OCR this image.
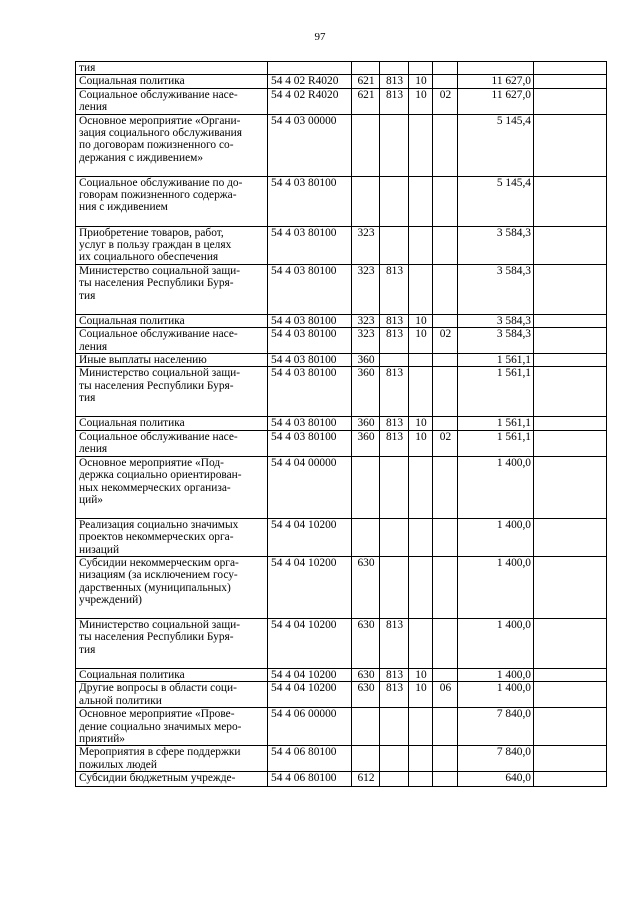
97
тия							
Социальная политика	54 4 02 R4020	621	813	10		11 627,0	
Социальное обслуживание насе-
ления	54 4 02 R4020	621	813	10	02	11 627,0	
Основное мероприятие «Органи-
зация социального обслуживания
по договорам пожизненного со-
держания с иждивением»	54 4 03 00000					5 145,4	
Социальное обслуживание по до-
говорам пожизненного содержа-
ния с иждивением	54 4 03 80100					5 145,4	
Приобретение товаров, работ,
услуг в пользу граждан в целях
их социального обеспечения	54 4 03 80100	323				3 584,3	
Министерство социальной защи-
ты населения Республики Буря-
тия	54 4 03 80100	323	813			3 584,3	
Социальная политика	54 4 03 80100	323	813	10		3 584,3	
Социальное обслуживание насе-
ления	54 4 03 80100	323	813	10	02	3 584,3	
Иные выплаты населению	54 4 03 80100	360				1 561,1	
Министерство социальной защи-
ты населения Республики Буря-
тия	54 4 03 80100	360	813			1 561,1	
Социальная политика	54 4 03 80100	360	813	10		1 561,1	
Социальное обслуживание насе-
ления	54 4 03 80100	360	813	10	02	1 561,1	
Основное мероприятие «Под-
держка социально ориентирован-
ных некоммерческих организа-
ций»	54 4 04 00000					1 400,0	
Реализация социально значимых
проектов некоммерческих орга-
низаций	54 4 04 10200					1 400,0	
Субсидии некоммерческим орга-
низациям (за исключением госу-
дарственных (муниципальных)
учреждений)	54 4 04 10200	630				1 400,0	
Министерство социальной защи-
ты населения Республики Буря-
тия	54 4 04 10200	630	813			1 400,0	
Социальная политика	54 4 04 10200	630	813	10		1 400,0	
Другие вопросы в области соци-
альной политики	54 4 04 10200	630	813	10	06	1 400,0	
Основное мероприятие «Прове-
дение социально значимых меро-
приятий»	54 4 06 00000					7 840,0	
Мероприятия в сфере поддержки
пожилых людей	54 4 06 80100					7 840,0	
Субсидии бюджетным учрежде-	54 4 06 80100	612				640,0	
